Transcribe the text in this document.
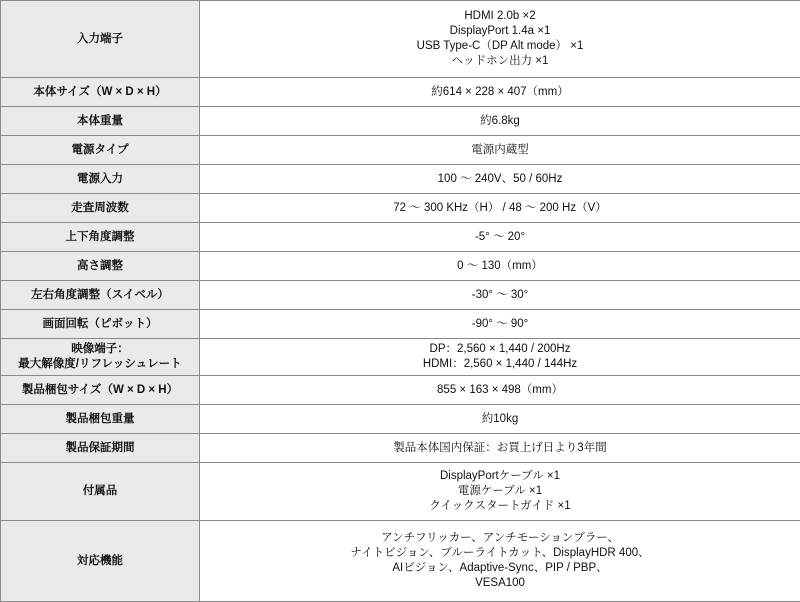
入力端子	HDMI 2.0b ×2
DisplayPort 1.4a ×1
USB Type-C（DP Alt mode） ×1
ヘッドホン出力 ×1

本体サイズ（W × D × H）	約614 × 228 × 407（mm）

本体重量	約6.8kg

電源タイプ	電源内蔵型

電源入力	100 ～ 240V、50 / 60Hz

走査周波数	72 ～ 300 KHz（H） / 48 ～ 200 Hz（V）

上下角度調整	-5° ～ 20°

高さ調整	0 ～ 130（mm）

左右角度調整（スイベル）	-30° ～ 30°

画面回転（ピボット）	-90° ～ 90°

映像端子：
最大解像度/リフレッシュレート	DP：2,560 × 1,440 / 200Hz
HDMI：2,560 × 1,440 / 144Hz

製品梱包サイズ（W × D × H）	855 × 163 × 498（mm）

製品梱包重量	約10kg

製品保証期間	製品本体国内保証：お買上げ日より3年間

付属品	DisplayPortケーブル ×1
電源ケーブル ×1
クイックスタートガイド ×1

対応機能	アンチフリッカー、アンチモーションブラー、
ナイトビジョン、ブルーライトカット、DisplayHDR 400、
AIビジョン、Adaptive-Sync、PIP / PBP、
VESA100
